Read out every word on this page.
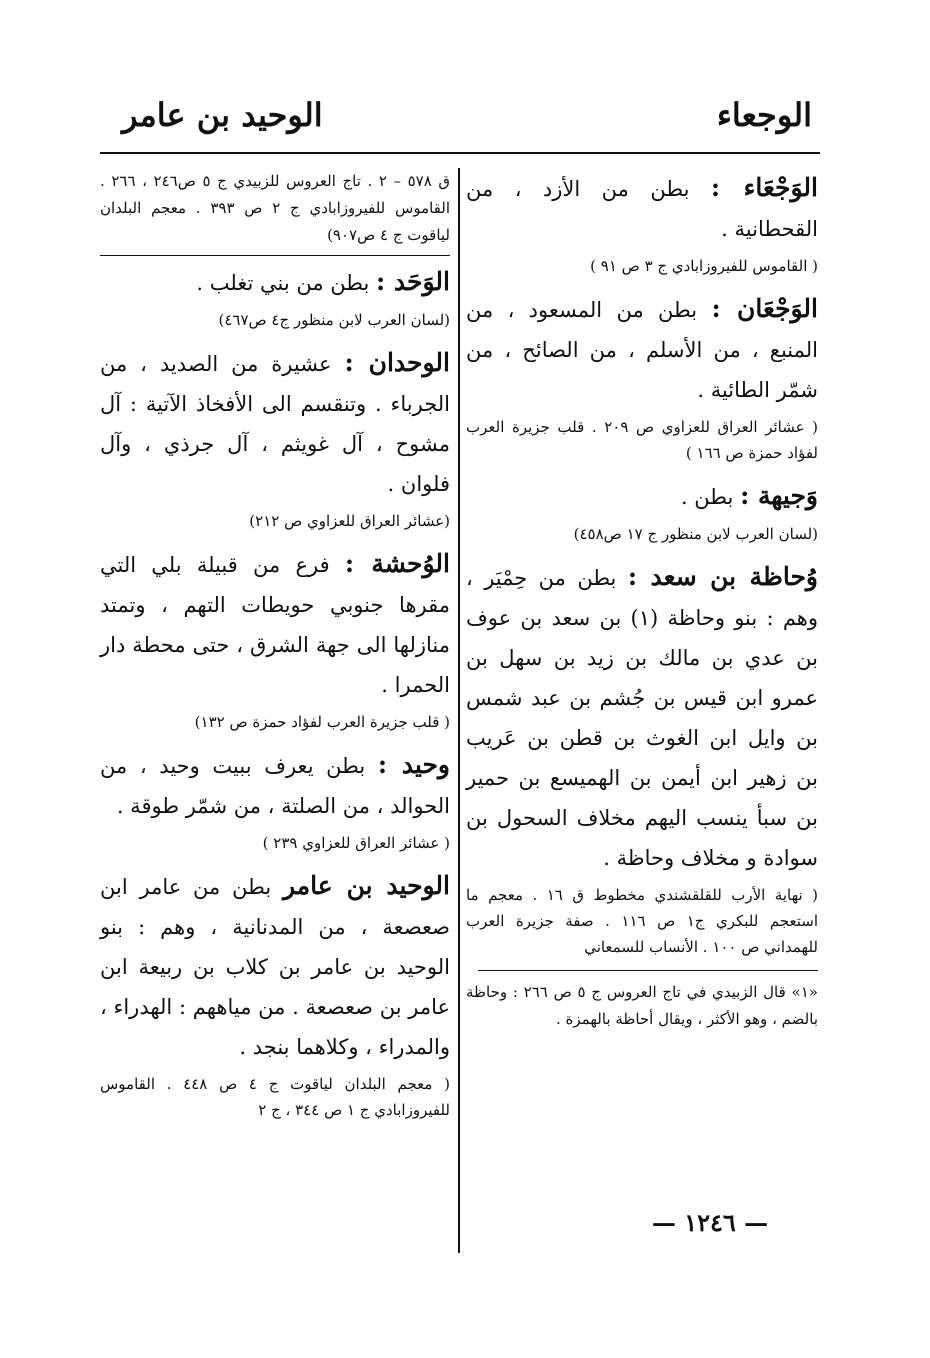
الوجعاء
الوحيد بن عامر

الوَجْعَاء : بطن من الأزد ، من القحطانية .

( القاموس للفيروزابادي ج ٣ ص ٩١ )

الوَجْعَان : بطن من المسعود ، من المنبع ، من الأسلم ، من الصائح ، من شمّر الطائية .

( عشائر العراق للعزاوي ص ٢٠٩ . قلب جزيرة العرب لفؤاد حمزة ص ١٦٦ )

وَجيهة : بطن .

(لسان العرب لابن منظور ج ١٧ ص٤٥٨)

وُحاظة بن سعد : بطن من حِمْيَر ، وهم : بنو وحاظة (١) بن سعد بن عوف بن عدي بن مالك بن زيد بن سهل بن عمرو ابن قيس بن جُشم بن عبد شمس بن وايل ابن الغوث بن قطن بن عَريب بن زهير ابن أيمن بن الهميسع بن حمير بن سبأ ينسب اليهم مخلاف السحول بن سوادة و مخلاف وحاظة .

( نهاية الأرب للقلقشندي مخطوط ق ١٦ . معجم ما استعجم للبكري ج١ ص ١١٦ . صفة جزيرة العرب للهمداني ص ١٠٠ . الأنساب للسمعاني

«١» قال الزبيدي في تاج العروس ج ٥ ص ٢٦٦ : وحاظة بالضم ، وهو الأكثر ، ويقال أحاظة بالهمزة .

ق ٥٧٨ – ٢ . تاج العروس للزبيدي ج ٥ ص٢٤٦ ، ٢٦٦ . القاموس للفيروزابادي ج ٢ ص ٣٩٣ . معجم البلدان لياقوت ج ٤ ص٩٠٧)

الوَحَد : بطن من بني تغلب .

(لسان العرب لابن منظور ج٤ ص٤٦٧)

الوحدان : عشيرة من الصديد ، من الجرباء . وتنقسم الى الأفخاذ الآتية : آل مشوح ، آل غويثم ، آل جرذي ، وآل فلوان .

(عشائر العراق للعزاوي ص ٢١٢)

الوُحشة : فرع من قبيلة بلي التي مقرها جنوبي حويطات التهم ، وتمتد منازلها الى جهة الشرق ، حتى محطة دار الحمرا .

( قلب جزيرة العرب لفؤاد حمزة ص ١٣٢)

وحيد : بطن يعرف ببيت وحيد ، من الحوالد ، من الصلتة ، من شمّر طوقة .

( عشائر العراق للعزاوي ٢٣٩ )

الوحيد بن عامر بطن من عامر ابن صعصعة ، من المدنانية ، وهم : بنو الوحيد بن عامر بن كلاب بن ربيعة ابن عامر بن صعصعة . من مياههم : الهدراء ، والمدراء ، وكلاهما بنجد .

( معجم البلدان لياقوت ج ٤ ص ٤٤٨ . القاموس للفيروزابادي ج ١ ص ٣٤٤ ، ج ٢

— ١٢٤٦ —
